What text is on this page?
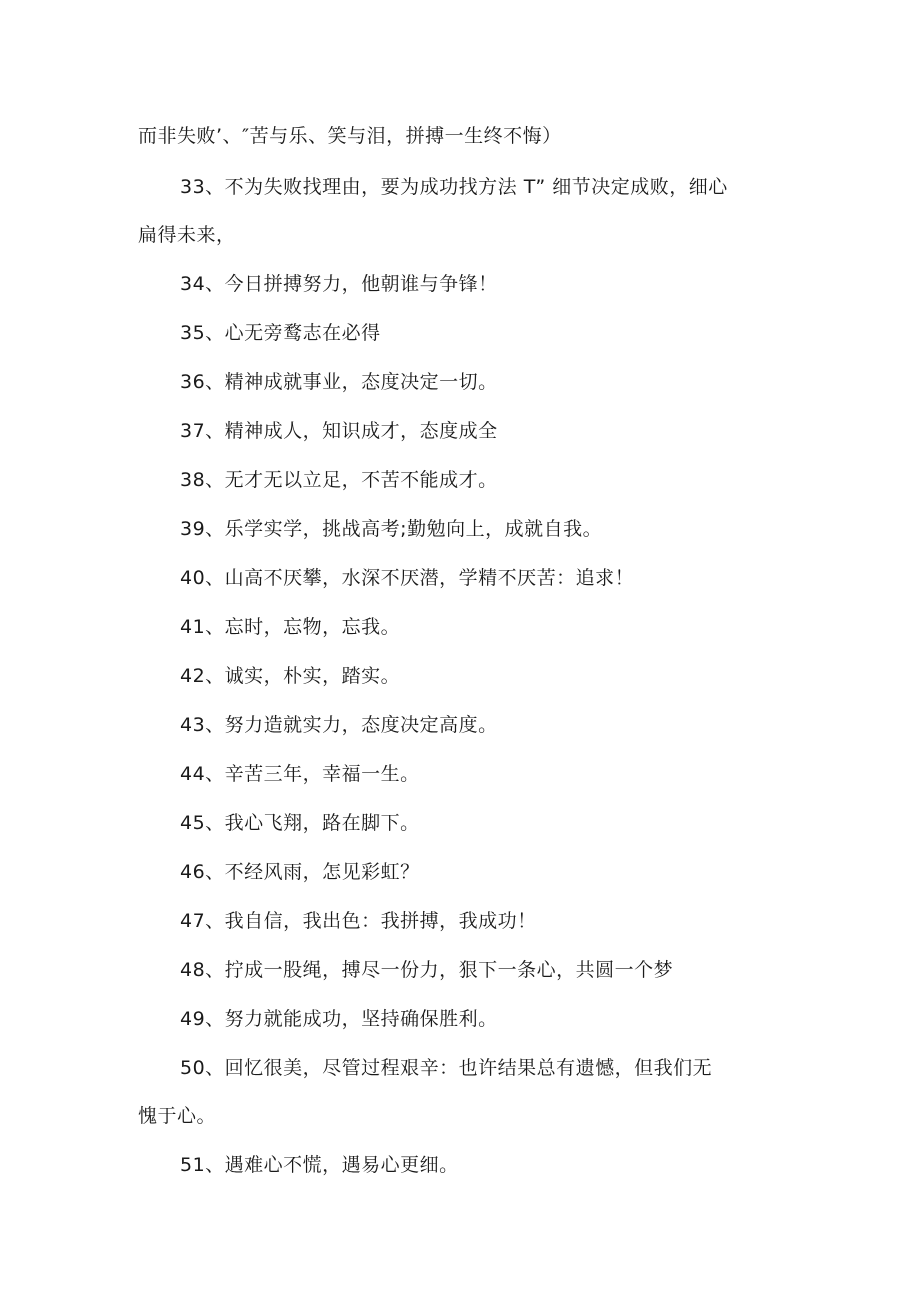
而非失败’、″苦与乐、笑与泪，拼搏一生终不悔）
33、不为失败找理由，要为成功找方法 T” 细节决定成败，细心
扁得未来，
34、今日拼搏努力，他朝谁与争锋！
35、心无旁鹜志在必得
36、精神成就事业，态度决定一切。
37、精神成人，知识成才，态度成全
38、无才无以立足，不苦不能成才。
39、乐学实学，挑战高考;勤勉向上，成就自我。
40、山高不厌攀，水深不厌潜，学精不厌苦：追求！
41、忘时，忘物，忘我。
42、诚实，朴实，踏实。
43、努力造就实力，态度决定高度。
44、辛苦三年，幸福一生。
45、我心飞翔，路在脚下。
46、不经风雨，怎见彩虹？
47、我自信，我出色：我拼搏，我成功！
48、拧成一股绳，搏尽一份力，狠下一条心，共圆一个梦
49、努力就能成功，坚持确保胜利。
50、回忆很美，尽管过程艰辛：也许结果总有遗憾，但我们无
愧于心。
51、遇难心不慌，遇易心更细。
